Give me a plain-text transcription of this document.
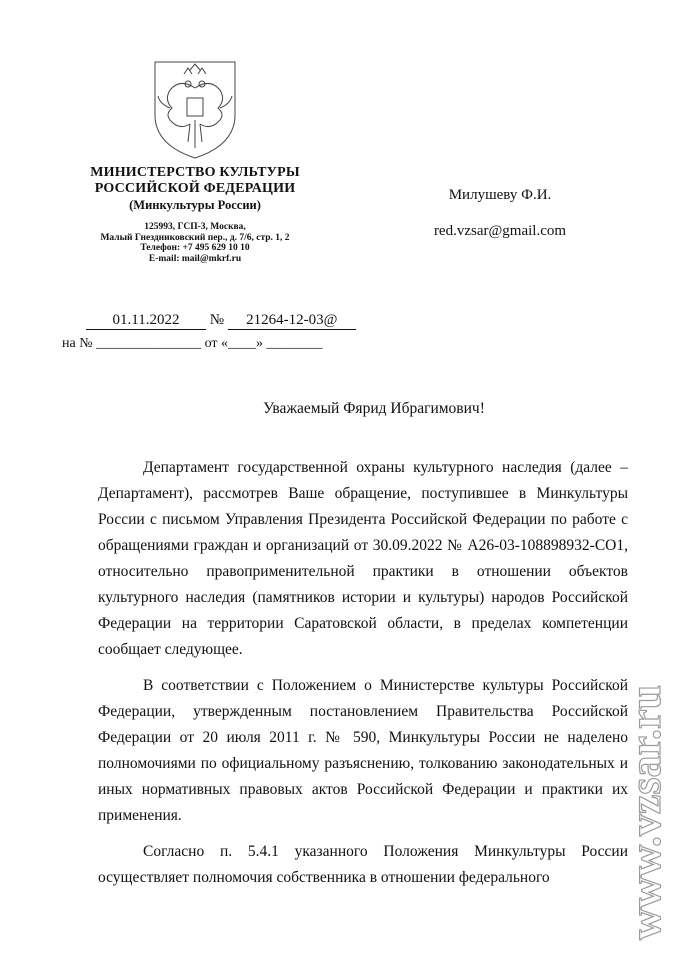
МИНИСТЕРСТВО КУЛЬТУРЫ
РОССИЙСКОЙ ФЕДЕРАЦИИ
(Минкультуры России)
125993, ГСП-3, Москва,
Малый Гнездниковский пер., д. 7/6, стр. 1, 2
Телефон: +7 495 629 10 10
E-mail: mail@mkrf.ru
Милушеву Ф.И.
red.vzsar@gmail.com
01.11.2022 № 21264-12-03@
на № _______________ от «____» ________
Уважаемый Фярид Ибрагимович!

Департамент государственной охраны культурного наследия (далее – Департамент), рассмотрев Ваше обращение, поступившее в Минкультуры России с письмом Управления Президента Российской Федерации по работе с обращениями граждан и организаций от 30.09.2022 № А26-03-108898932-СО1, относительно правоприменительной практики в отношении объектов культурного наследия (памятников истории и культуры) народов Российской Федерации на территории Саратовской области, в пределах компетенции сообщает следующее.

В соответствии с Положением о Министерстве культуры Российской Федерации, утвержденным постановлением Правительства Российской Федерации от 20 июля 2011 г. № 590, Минкультуры России не наделено полномочиями по официальному разъяснению, толкованию законодательных и иных нормативных правовых актов Российской Федерации и практики их применения.

Согласно п. 5.4.1 указанного Положения Минкультуры России осуществляет полномочия собственника в отношении федерального	www.vzsar.ru
